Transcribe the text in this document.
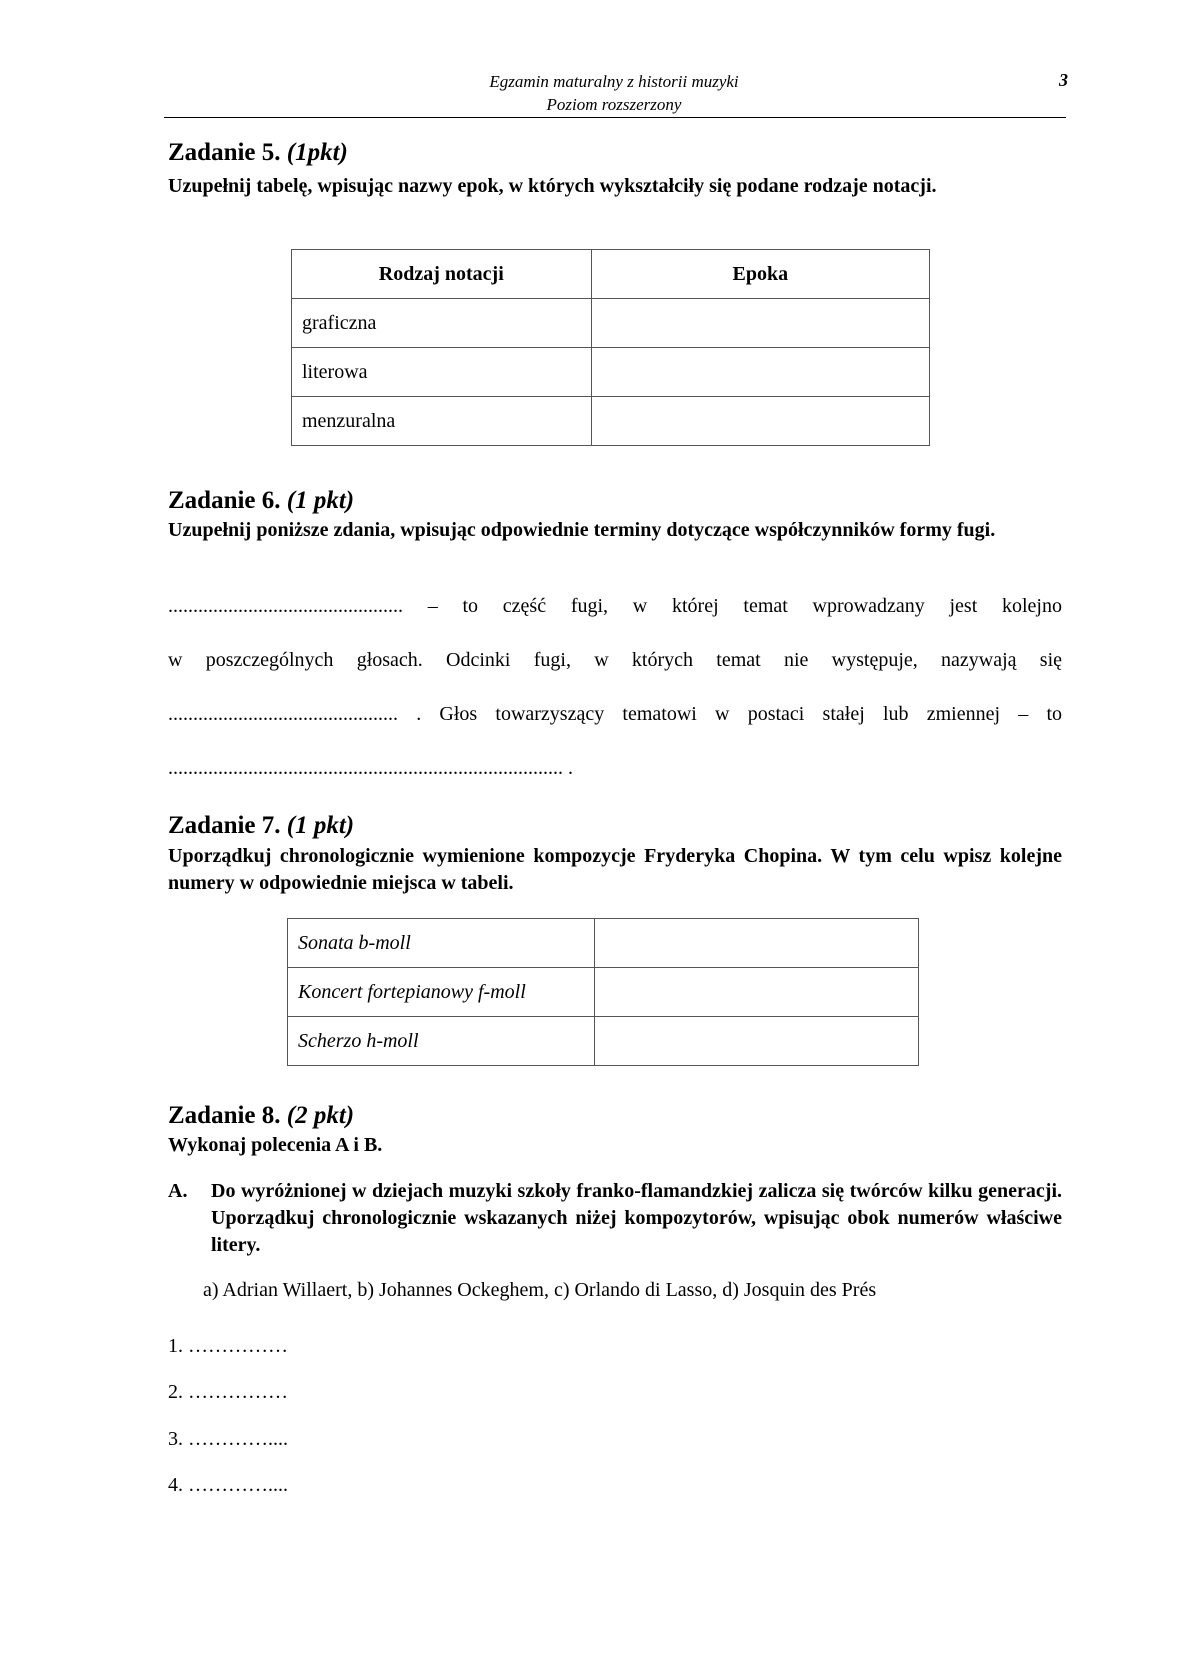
Egzamin maturalny z historii muzyki
Poziom rozszerzony
3
Zadanie 5. (1pkt)
Uzupełnij tabelę, wpisując nazwy epok, w których wykształciły się podane rodzaje notacji.
Rodzaj notacji	Epoka
graficzna	
literowa	
menzuralna	
Zadanie 6. (1 pkt)
Uzupełnij poniższe zdania, wpisując odpowiednie terminy dotyczące współczynników formy fugi.
............................................... – to część fugi, w której temat wprowadzany jest kolejno
w poszczególnych głosach. Odcinki fugi, w których temat nie występuje, nazywają się
.............................................. . Głos towarzyszący tematowi w postaci stałej lub zmiennej – to
............................................................................... .
Zadanie 7. (1 pkt)
Uporządkuj chronologicznie wymienione kompozycje Fryderyka Chopina. W tym celu wpisz kolejne numery w odpowiednie miejsca w tabeli.
Sonata b-moll	
Koncert fortepianowy f-moll	
Scherzo h-moll	
Zadanie 8. (2 pkt)
Wykonaj polecenia A i B.
A. Do wyróżnionej w dziejach muzyki szkoły franko-flamandzkiej zalicza się twórców kilku generacji. Uporządkuj chronologicznie wskazanych niżej kompozytorów, wpisując obok numerów właściwe litery.
a) Adrian Willaert, b) Johannes Ockeghem, c) Orlando di Lasso, d) Josquin des Prés
1. ……………
2. ……………
3. …………....
4. …………....
